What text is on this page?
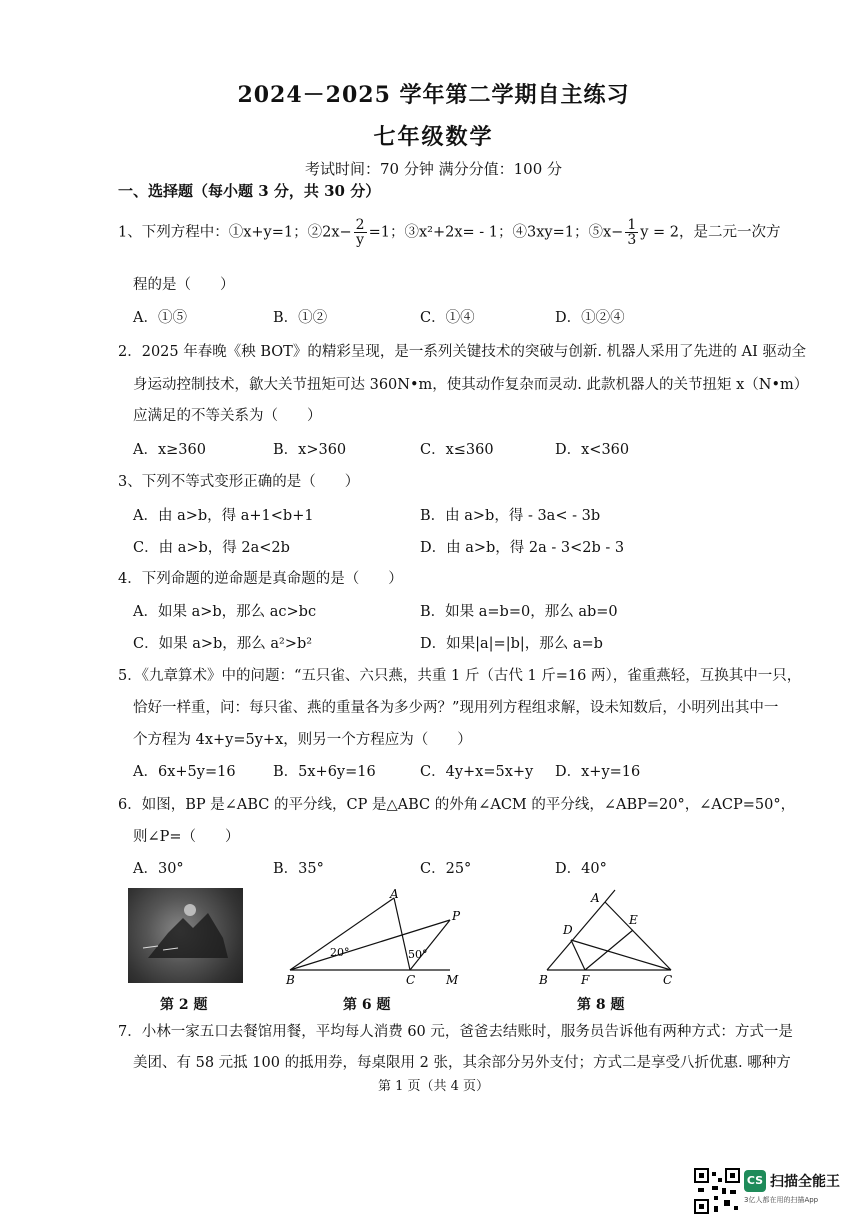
2024－2025 学年第二学期自主练习
七年级数学
考试时间：70 分钟 满分分值：100 分
一、选择题（每小题 3 分，共 30 分）
1、下列方程中：①x+y=1；②2x− $\frac{2}{y} =1$；③x²+2x= - 1；④3xy=1；⑤x− $\frac{1}{3}$ y = 2，是二元一次方
程的是（　　）
A．①⑤	B．①②	C．①④	D．①②④
2．2025 年春晚《秧 BOT》的精彩呈现，是一系列关键技术的突破与创新. 机器人采用了先进的 AI 驱动全
身运动控制技术，歙大关节扭矩可达 360N•m，使其动作复杂而灵动. 此款机器人的关节扭矩 x（N•m）
应满足的不等关系为（　　）
A．x≥360	B．x>360	C．x≤360	D．x<360
3、下列不等式变形正确的是（　　）
A．由 a>b，得 a+1<b+1	B．由 a>b，得 - 3a< - 3b
C．由 a>b，得 2a<2b	D．由 a>b，得 2a - 3<2b - 3
4．下列命题的逆命题是真命题的是（　　）
A．如果 a>b，那么 ac>bc	B．如果 a=b=0，那么 ab=0
C．如果 a>b，那么 a²>b²	D．如果|a|=|b|，那么 a=b
5．《九章算术》中的问题：“五只雀、六只燕，共重 1 斤（古代 1 斤=16 两），雀重燕轻，互换其中一只，
恰好一样重，问：每只雀、燕的重量各为多少两？”现用列方程组求解，设未知数后，小明列出其中一
个方程为 4x+y=5y+x，则另一个方程应为（　　）
A．6x+5y=16	B．5x+6y=16	C．4y+x=5x+y D．x+y=16
6．如图，BP 是∠ABC 的平分线，CP 是△ABC 的外角∠ACM 的平分线，∠ABP=20°，∠ACP=50°，
则∠P=（　　）
A．30°	B．35°	C．25°	D．40°
B
A
C	M
P
20°	50°
B
A
C
D
E
F
第 2 题	第 6 题	第 8 题
7．小林一家五口去餐馆用餐，平均每人消费 60 元，爸爸去结账时，服务员告诉他有两种方式：方式一是
美团、有 58 元抵 100 的抵用券，每桌限用 2 张，其余部分另外支付；方式二是享受八折优惠. 哪种方
第 1 页（共 4 页）
CS 扫描全能王
3亿人都在用的扫描App
